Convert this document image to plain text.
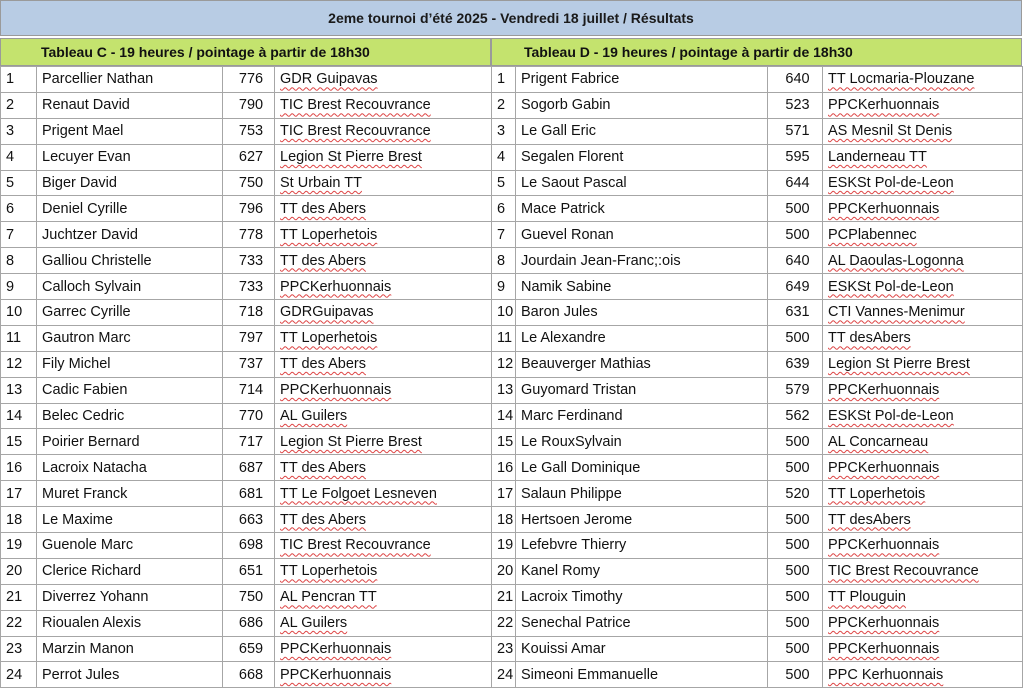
2eme tournoi d’été 2025 - Vendredi 18 juillet / Résultats
Tableau C - 19 heures / pointage à partir de 18h30	Tableau D - 19 heures / pointage à partir de 18h30
1	Parcellier Nathan	776	GDR Guipavas
2	Renaut David	790	TIC Brest Recouvrance
3	Prigent Mael	753	TIC Brest Recouvrance
4	Lecuyer Evan	627	Legion St Pierre Brest
5	Biger David	750	St Urbain TT
6	Deniel Cyrille	796	TT des Abers
7	Juchtzer David	778	TT Loperhetois
8	Galliou Christelle	733	TT des Abers
9	Calloch Sylvain	733	PPCKerhuonnais
10	Garrec Cyrille	718	GDRGuipavas
11	Gautron Marc	797	TT Loperhetois
12	Fily Michel	737	TT des Abers
13	Cadic Fabien	714	PPCKerhuonnais
14	Belec Cedric	770	AL Guilers
15	Poirier Bernard	717	Legion St Pierre Brest
16	Lacroix Natacha	687	TT des Abers
17	Muret Franck	681	TT Le Folgoet Lesneven
18	Le Maxime	663	TT des Abers
19	Guenole Marc	698	TIC Brest Recouvrance
20	Clerice Richard	651	TT Loperhetois
21	Diverrez Yohann	750	AL Pencran TT
22	Rioualen Alexis	686	AL Guilers
23	Marzin Manon	659	PPCKerhuonnais
24	Perrot Jules	668	PPCKerhuonnais
1	Prigent Fabrice	640	TT Locmaria-Plouzane
2	Sogorb Gabin	523	PPCKerhuonnais
3	Le Gall Eric	571	AS Mesnil St Denis
4	Segalen Florent	595	Landerneau TT
5	Le Saout Pascal	644	ESKSt Pol-de-Leon
6	Mace Patrick	500	PPCKerhuonnais
7	Guevel Ronan	500	PCPlabennec
8	Jourdain Jean-Franc;:ois	640	AL Daoulas-Logonna
9	Namik Sabine	649	ESKSt Pol-de-Leon
10	Baron Jules	631	CTI Vannes-Menimur
11	Le Alexandre	500	TT desAbers
12	Beauverger Mathias	639	Legion St Pierre Brest
13	Guyomard Tristan	579	PPCKerhuonnais
14	Marc Ferdinand	562	ESKSt Pol-de-Leon
15	Le RouxSylvain	500	AL Concarneau
16	Le Gall Dominique	500	PPCKerhuonnais
17	Salaun Philippe	520	TT Loperhetois
18	Hertsoen Jerome	500	TT desAbers
19	Lefebvre Thierry	500	PPCKerhuonnais
20	Kanel Romy	500	TIC Brest Recouvrance
21	Lacroix Timothy	500	TT Plouguin
22	Senechal Patrice	500	PPCKerhuonnais
23	Kouissi Amar	500	PPCKerhuonnais
24	Simeoni Emmanuelle	500	PPC Kerhuonnais
